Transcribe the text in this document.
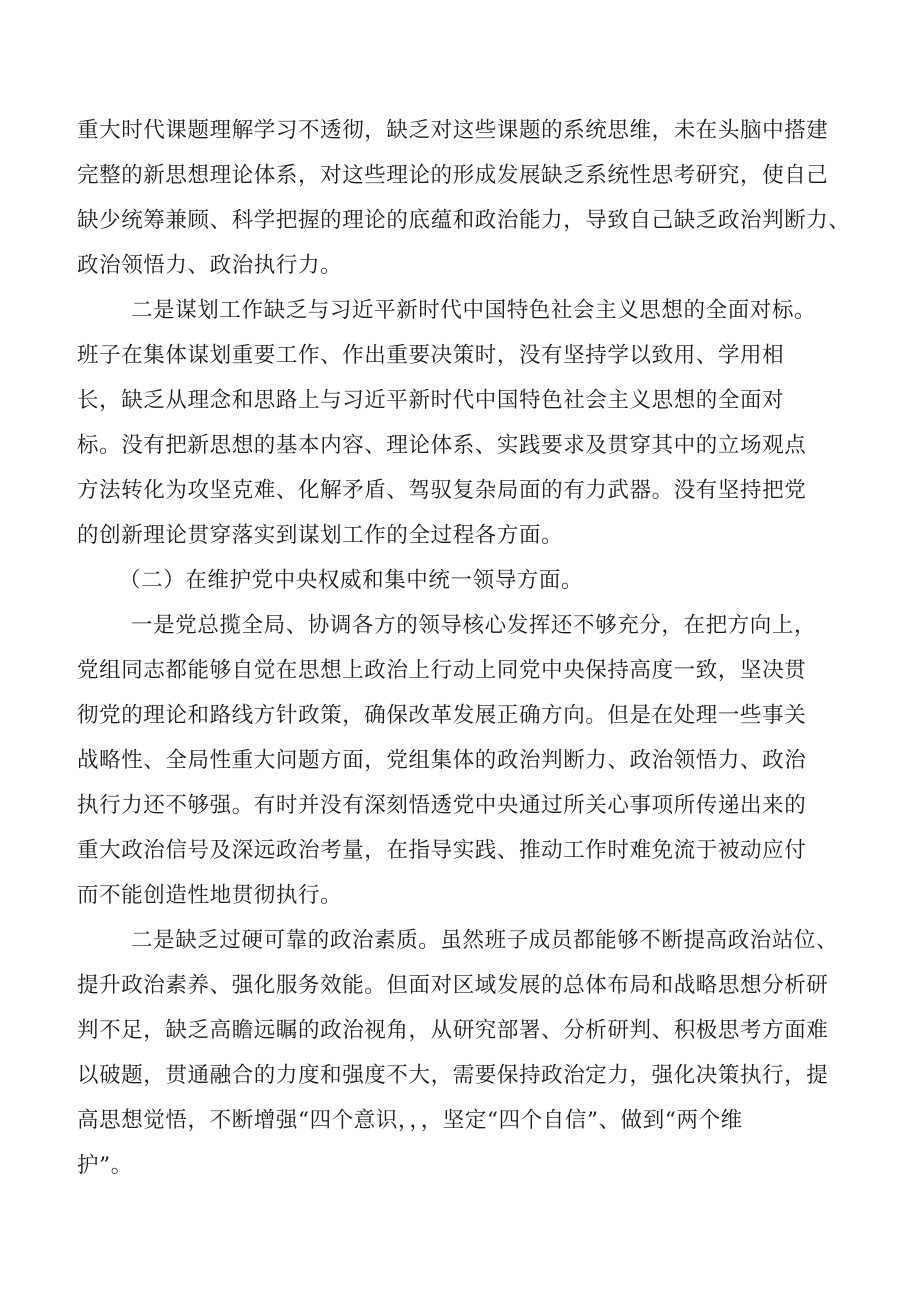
重大时代课题理解学习不透彻，缺乏对这些课题的系统思维，未在头脑中搭建
完整的新思想理论体系，对这些理论的形成发展缺乏系统性思考研究，使自己
缺少统筹兼顾、科学把握的理论的底蕴和政治能力，导致自己缺乏政治判断力、
政治领悟力、政治执行力。
二是谋划工作缺乏与习近平新时代中国特色社会主义思想的全面对标。
班子在集体谋划重要工作、作出重要决策时，没有坚持学以致用、学用相
长，缺乏从理念和思路上与习近平新时代中国特色社会主义思想的全面对
标。没有把新思想的基本内容、理论体系、实践要求及贯穿其中的立场观点
方法转化为攻坚克难、化解矛盾、驾驭复杂局面的有力武器。没有坚持把党
的创新理论贯穿落实到谋划工作的全过程各方面。
（二）在维护党中央权威和集中统一领导方面。
一是党总揽全局、协调各方的领导核心发挥还不够充分，在把方向上，
党组同志都能够自觉在思想上政治上行动上同党中央保持高度一致，坚决贯
彻党的理论和路线方针政策，确保改革发展正确方向。但是在处理一些事关
战略性、全局性重大问题方面，党组集体的政治判断力、政治领悟力、政治
执行力还不够强。有时并没有深刻悟透党中央通过所关心事项所传递出来的
重大政治信号及深远政治考量，在指导实践、推动工作时难免流于被动应付
而不能创造性地贯彻执行。
二是缺乏过硬可靠的政治素质。虽然班子成员都能够不断提高政治站位、
提升政治素养、强化服务效能。但面对区域发展的总体布局和战略思想分析研
判不足，缺乏高瞻远瞩的政治视角，从研究部署、分析研判、积极思考方面难
以破题，贯通融合的力度和强度不大，需要保持政治定力，强化决策执行，提
高思想觉悟，不断增强“四个意识，，，坚定“四个自信”、做到“两个维
护”。
